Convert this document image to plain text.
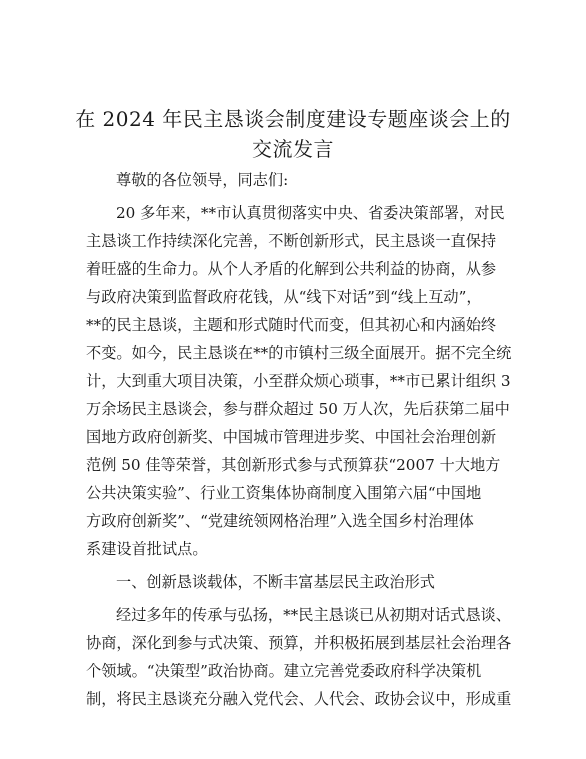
在 2024 年民主恳谈会制度建设专题座谈会上的
交流发言
尊敬的各位领导，同志们:
20 多年来，**市认真贯彻落实中央、省委决策部署，对民
主恳谈工作持续深化完善，不断创新形式，民主恳谈一直保持
着旺盛的生命力。从个人矛盾的化解到公共利益的协商，从参
与政府决策到监督政府花钱，从“线下对话”到“线上互动”，
**的民主恳谈，主题和形式随时代而变，但其初心和内涵始终
不变。如今，民主恳谈在**的市镇村三级全面展开。据不完全统
计，大到重大项目决策，小至群众烦心琐事，**市已累计组织 3
万余场民主恳谈会，参与群众超过 50 万人次，先后获第二届中
国地方政府创新奖、中国城市管理进步奖、中国社会治理创新
范例 50 佳等荣誉，其创新形式参与式预算获“2007 十大地方
公共决策实验”、行业工资集体协商制度入围第六届“中国地
方政府创新奖”、“党建统领网格治理”入选全国乡村治理体
系建设首批试点。
一、创新恳谈载体，不断丰富基层民主政治形式
经过多年的传承与弘扬，**民主恳谈已从初期对话式恳谈、
协商，深化到参与式决策、预算，并积极拓展到基层社会治理各
个领域。“决策型”政治协商。建立完善党委政府科学决策机
制，将民主恳谈充分融入党代会、人代会、政协会议中，形成重
